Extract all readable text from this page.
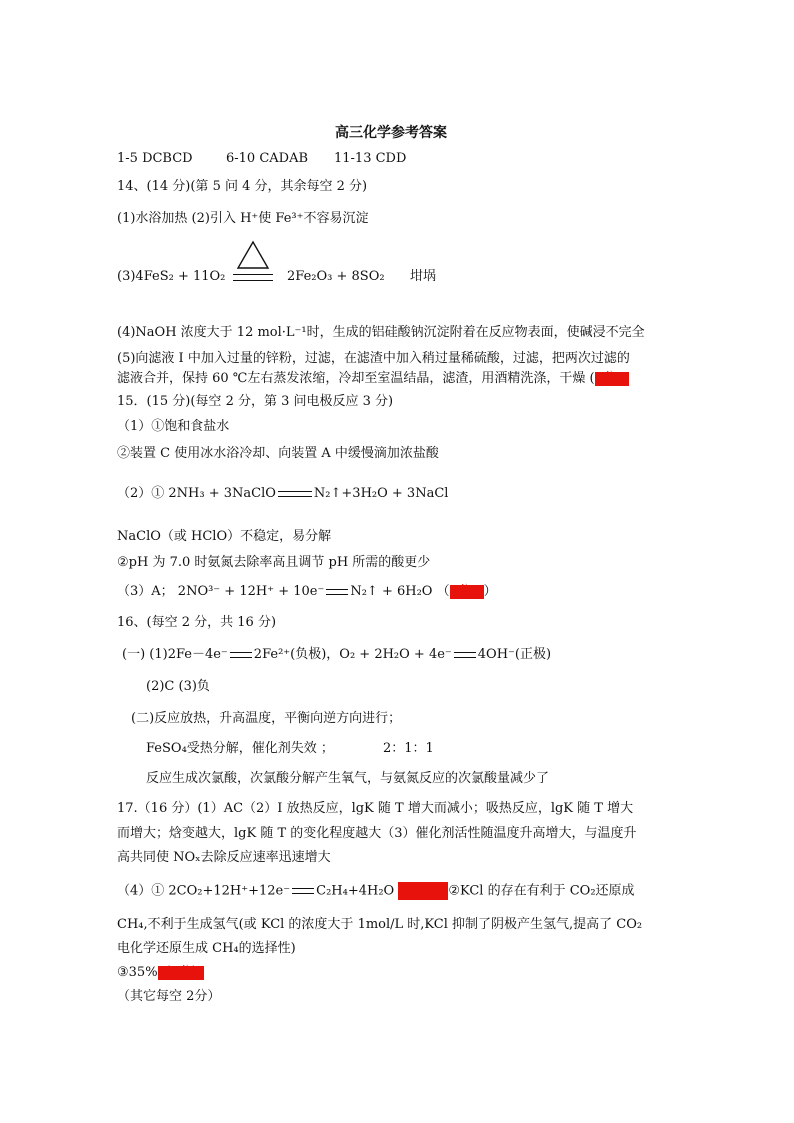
高三化学参考答案
1-5 DCBCD	6-10 CADAB 11-13 CDD
14、(14 分)(第 5 问 4 分，其余每空 2 分)
(1)水浴加热 (2)引入 H⁺使 Fe³⁺不容易沉淀
(3)4FeS₂ + 11O₂	2Fe₂O₃ + 8SO₂ 坩埚
(4)NaOH 浓度大于 12 mol·L⁻¹时，生成的铝硅酸钠沉淀附着在反应物表面，使碱浸不完全
(5)向滤液 I 中加入过量的锌粉，过滤，在滤渣中加入稍过量稀硫酸，过滤，把两次过滤的
滤液合并，保持 60 ℃左右蒸发浓缩，冷却至室温结晶，滤渣，用酒精洗涤，干燥 (4分
15．(15 分)(每空 2 分，第 3 问电极反应 3 分)
（1）①饱和食盐水
②装置 C 使用冰水浴冷却、向装置 A 中缓慢滴加浓盐酸
（2）① 2NH₃ + 3NaClO	N₂↑+3H₂O + 3NaCl
NaClO（或 HClO）不稳定，易分解
②pH 为 7.0 时氨氮去除率高且调节 pH 所需的酸更少
（3）A； 2NO³⁻ + 12H⁺ + 10e⁻ N₂↑ + 6H₂O （3分 ）
16、(每空 2 分，共 16 分)
(一) (1)2Fe－4e⁻ 2Fe²⁺(负极)，O₂ + 2H₂O + 4e⁻ 4OH⁻(正极)
(2)C (3)负
(二)反应放热，升高温度，平衡向逆方向进行；
FeSO₄受热分解，催化剂失效 ；	2：1：1
反应生成次氯酸，次氯酸分解产生氧气，与氨氮反应的次氯酸量减少了
17.（16 分）(1）AC（2）I 放热反应，lgK 随 T 增大而减小；吸热反应，lgK 随 T 增大
而增大；焓变越大，lgK 随 T 的变化程度越大（3）催化剂活性随温度升高增大，与温度升
高共同使 NOₓ去除反应速率迅速增大
（4）① 2CO₂+12H⁺+12e⁻ C₂H₄+4H₂O （3分） ②KCl 的存在有利于 CO₂还原成
CH₄,不利于生成氢气(或 KCl 的浓度大于 1mol/L 时,KCl 抑制了阴极产生氢气,提高了 CO₂
电化学还原生成 CH₄的选择性)
③35%（3分）
（其它每空 2分）
